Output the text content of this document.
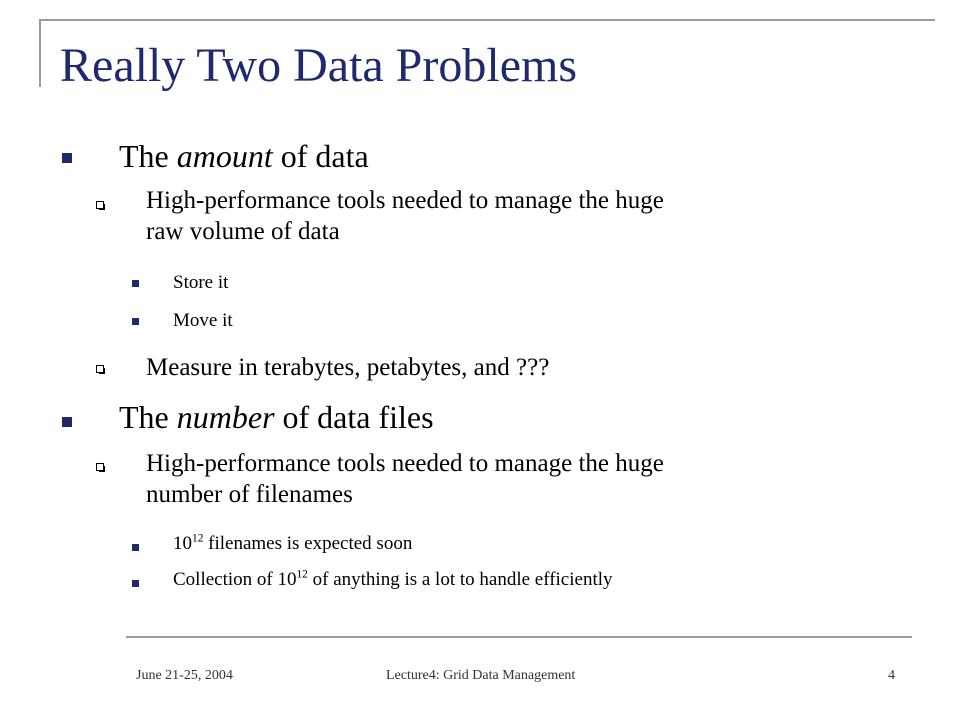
Really Two Data Problems
The amount of data
High-performance tools needed to manage the huge
raw volume of data
Store it
Move it
Measure in terabytes, petabytes, and ???
The number of data files
High-performance tools needed to manage the huge
number of filenames
$10^{12}$ filenames is expected soon
Collection of $10^{12}$ of anything is a lot to handle efficiently
June 21-25, 2004	Lecture4: Grid Data Management	4
